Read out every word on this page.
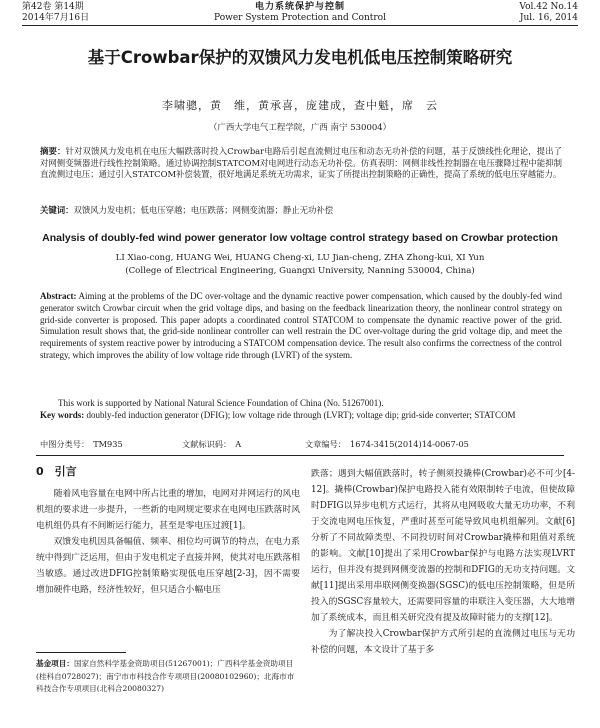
第42卷 第14期
2014年7月16日
电力系统保护与控制
Power System Protection and Control
Vol.42 No.14
Jul. 16, 2014
基于Crowbar保护的双馈风力发电机低电压控制策略研究
李啸骢，黄　维，黄承喜，庞建成，查中魁，席　云
（广西大学电气工程学院，广西 南宁 530004）
摘要：针对双馈风力发电机在电压大幅跌落时投入Crowbar电路后引起直流侧过电压和动态无功补偿的问题，基于反馈线性化理论，提出了对网侧变频器进行线性控制策略。通过协调控制STATCOM对电网进行动态无功补偿。仿真表明：网侧非线性控制器在电压骤降过程中能抑制直流侧过电压；通过引入STATCOM补偿装置，很好地满足系统无功需求，证实了所提出控制策略的正确性，提高了系统的低电压穿越能力。
关键词：双馈风力发电机；低电压穿越；电压跌落；网侧变流器；静止无功补偿
Analysis of doubly-fed wind power generator low voltage control strategy based on Crowbar protection
LI Xiao-cong, HUANG Wei, HUANG Cheng-xi, LU Jian-cheng, ZHA Zhong-kui, XI Yun
(College of Electrical Engineering, Guangxi University, Nanning 530004, China)
Abstract: Aiming at the problems of the DC over-voltage and the dynamic reactive power compensation, which caused by the doubly-fed wind generator switch Crowbar circuit when the grid voltage dips, and basing on the feedback linearization theory, the nonlinear control strategy on grid-side converter is proposed. This paper adopts a coordinated control STATCOM to compensate the dynamic reactive power of the grid. Simulation result shows that, the grid-side nonlinear controller can well restrain the DC over-voltage during the grid voltage dip, and meet the requirements of system reactive power by introducing a STATCOM compensation device. The result also confirms the correctness of the control strategy, which improves the ability of low voltage ride through (LVRT) of the system.
This work is supported by National Natural Science Foundation of China (No. 51267001).
Key words: doubly-fed induction generator (DFIG); low voltage ride through (LVRT); voltage dip; grid-side converter; STATCOM
中图分类号：　TM935	文献标识码：　A	文章编号：　1674-3415(2014)14-0067-05
0　引言

随着风电容量在电网中所占比重的增加，电网对并网运行的风电机组的要求进一步提升，一些新的电网规定要求在电网电压跌落时风电机组仍具有不间断运行能力，甚至是零电压过渡[1]。

双馈发电机因具备幅值、频率、相位均可调节的特点，在电力系统中得到广泛运用，但由于发电机定子直接并网，使其对电压跌落相当敏感。通过改进DFIG控制策略实现低电压穿越[2-3]，因不需要增加硬件电路，经济性较好，但只适合小幅电压

跌落；遇到大幅值跌落时，转子侧须投撬棒(Crowbar)必不可少[4-12]。撬棒(Crowbar)保护电路投入能有效限制转子电流，但使故障时DFIG以异步电机方式运行，其将从电网吸收大量无功功率，不利于交流电网电压恢复，严重时甚至可能导致风电机组解列。文献[6]分析了不同故障类型、不同投切时间对Crowbar撬棒和阻值对系统的影响。文献[10]提出了采用Crowbar保护与电路方法实现LVRT运行，但并没有提到网侧变流器的控制和DFIG的无功支持问题。文献[11]提出采用串联网侧变换器(SGSC)的低电压控制策略，但是所投入的SGSC容量较大，还需要同容量的串联注入变压器，大大地增加了系统成本，而且相关研究没有提及故障时能力的支撑[12]。

为了解决投入Crowbar保护方式所引起的直流侧过电压与无功补偿的问题，本文设计了基于多

基金项目：国家自然科学基金资助项目(51267001)；广西科学基金资助项目(桂科自0728027)；南宁市市科技合作专项项目(20080102960)；北海市市科技合作专项项目(北科合20080327)
